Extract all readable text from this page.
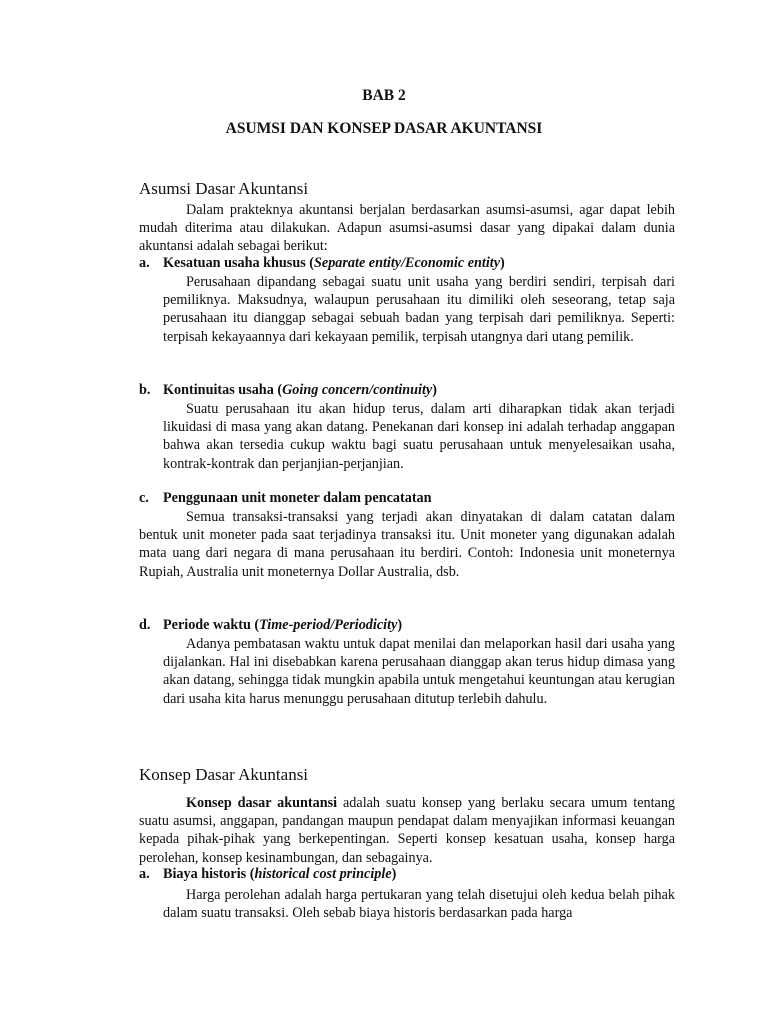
BAB 2
ASUMSI DAN KONSEP DASAR AKUNTANSI
Asumsi Dasar Akuntansi

Dalam prakteknya akuntansi berjalan berdasarkan asumsi-asumsi, agar dapat lebih mudah diterima atau dilakukan. Adapun asumsi-asumsi dasar yang dipakai dalam dunia akuntansi adalah sebagai berikut:

a. Kesatuan usaha khusus (Separate entity/Economic entity)

Perusahaan dipandang sebagai suatu unit usaha yang berdiri sendiri, terpisah dari pemiliknya. Maksudnya, walaupun perusahaan itu dimiliki oleh seseorang, tetap saja perusahaan itu dianggap sebagai sebuah badan yang terpisah dari pemiliknya. Seperti: terpisah kekayaannya dari kekayaan pemilik, terpisah utangnya dari utang pemilik.

b. Kontinuitas usaha (Going concern/continuity)

Suatu perusahaan itu akan hidup terus, dalam arti diharapkan tidak akan terjadi likuidasi di masa yang akan datang. Penekanan dari konsep ini adalah terhadap anggapan bahwa akan tersedia cukup waktu bagi suatu perusahaan untuk menyelesaikan usaha, kontrak-kontrak dan perjanjian-perjanjian.

c. Penggunaan unit moneter dalam pencatatan

Semua transaksi-transaksi yang terjadi akan dinyatakan di dalam catatan dalam bentuk unit moneter pada saat terjadinya transaksi itu. Unit moneter yang digunakan adalah mata uang dari negara di mana perusahaan itu berdiri. Contoh: Indonesia unit moneternya Rupiah, Australia unit moneternya Dollar Australia, dsb.

d. Periode waktu (Time-period/Periodicity)

Adanya pembatasan waktu untuk dapat menilai dan melaporkan hasil dari usaha yang dijalankan. Hal ini disebabkan karena perusahaan dianggap akan terus hidup dimasa yang akan datang, sehingga tidak mungkin apabila untuk mengetahui keuntungan atau kerugian dari usaha kita harus menunggu perusahaan ditutup terlebih dahulu.

Konsep Dasar Akuntansi

Konsep dasar akuntansi adalah suatu konsep yang berlaku secara umum tentang suatu asumsi, anggapan, pandangan maupun pendapat dalam menyajikan informasi keuangan kepada pihak-pihak yang berkepentingan. Seperti konsep kesatuan usaha, konsep harga perolehan, konsep kesinambungan, dan sebagainya.

a. Biaya historis (historical cost principle)

Harga perolehan adalah harga pertukaran yang telah disetujui oleh kedua belah pihak dalam suatu transaksi. Oleh sebab biaya historis berdasarkan pada harga
